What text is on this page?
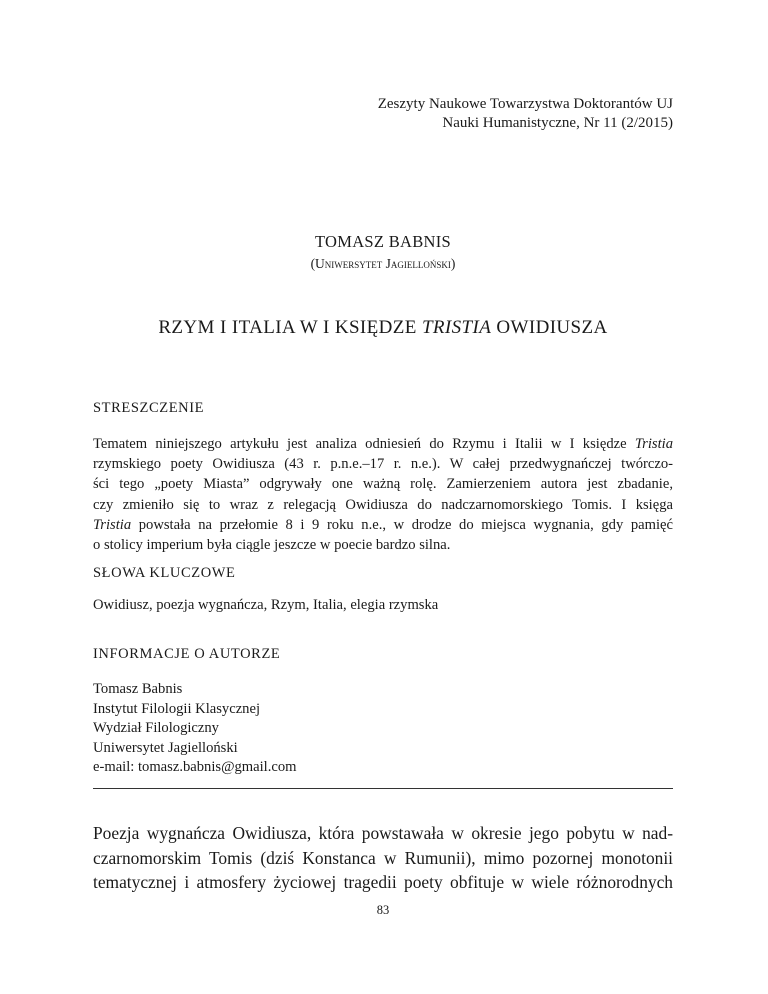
Zeszyty Naukowe Towarzystwa Doktorantów UJ
Nauki Humanistyczne, Nr 11 (2/2015)
TOMASZ BABNIS
(Uniwersytet Jagielloński)
RZYM I ITALIA W I KSIĘDZE TRISTIA OWIDIUSZA
STRESZCZENIE

Tematem niniejszego artykułu jest analiza odniesień do Rzymu i Italii w I księdze Tristia

rzymskiego poety Owidiusza (43 r. p.n.e.–17 r. n.e.). W całej przedwygnańczej twórczo-

ści tego „poety Miasta” odgrywały one ważną rolę. Zamierzeniem autora jest zbadanie,

czy zmieniło się to wraz z relegacją Owidiusza do nadczarnomorskiego Tomis. I księga

Tristia powstała na przełomie 8 i 9 roku n.e., w drodze do miejsca wygnania, gdy pamięć

o stolicy imperium była ciągle jeszcze w poecie bardzo silna.

SŁOWA KLUCZOWE
Owidiusz, poezja wygnańcza, Rzym, Italia, elegia rzymska
INFORMACJE O AUTORZE
Tomasz Babnis
Instytut Filologii Klasycznej
Wydział Filologiczny
Uniwersytet Jagielloński
e-mail: tomasz.babnis@gmail.com
Poezja wygnańcza Owidiusza, która powstawała w okresie jego pobytu w nad-
czarnomorskim Tomis (dziś Konstanca w Rumunii), mimo pozornej monotonii
tematycznej i atmosfery życiowej tragedii poety obfituje w wiele różnorodnych
83
